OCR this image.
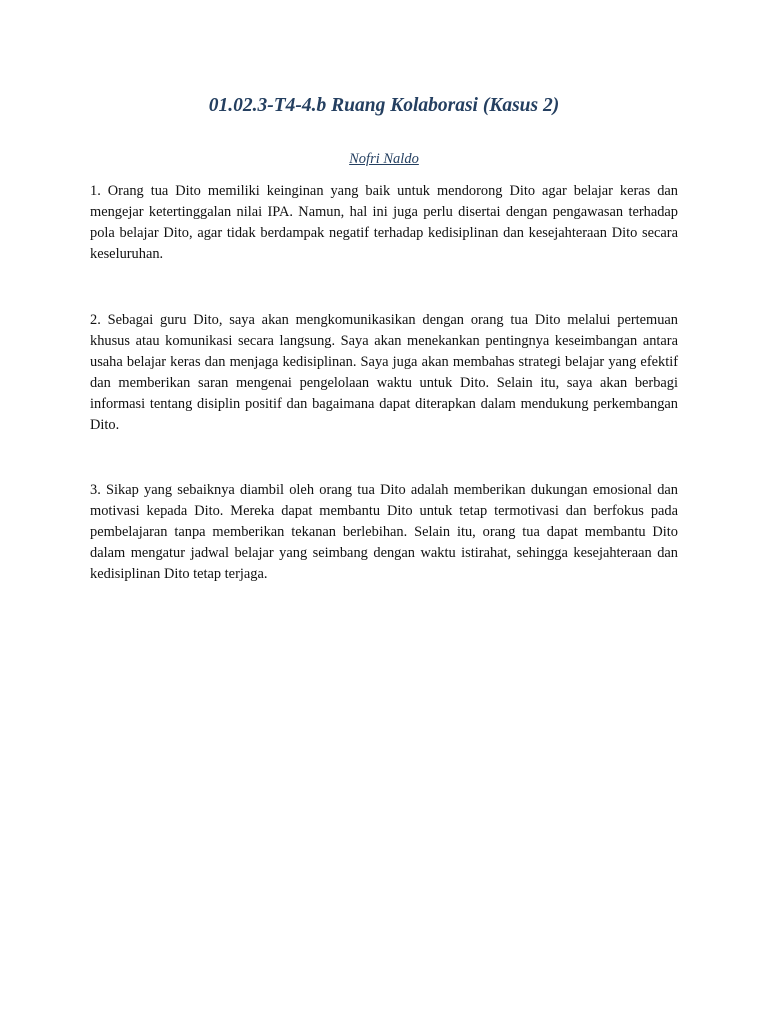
01.02.3-T4-4.b Ruang Kolaborasi (Kasus 2)

Nofri Naldo

1. Orang tua Dito memiliki keinginan yang baik untuk mendorong Dito agar belajar keras dan mengejar ketertinggalan nilai IPA. Namun, hal ini juga perlu disertai dengan pengawasan terhadap pola belajar Dito, agar tidak berdampak negatif terhadap kedisiplinan dan kesejahteraan Dito secara keseluruhan.

2. Sebagai guru Dito, saya akan mengkomunikasikan dengan orang tua Dito melalui pertemuan khusus atau komunikasi secara langsung. Saya akan menekankan pentingnya keseimbangan antara usaha belajar keras dan menjaga kedisiplinan. Saya juga akan membahas strategi belajar yang efektif dan memberikan saran mengenai pengelolaan waktu untuk Dito. Selain itu, saya akan berbagi informasi tentang disiplin positif dan bagaimana dapat diterapkan dalam mendukung perkembangan Dito.

3. Sikap yang sebaiknya diambil oleh orang tua Dito adalah memberikan dukungan emosional dan motivasi kepada Dito. Mereka dapat membantu Dito untuk tetap termotivasi dan berfokus pada pembelajaran tanpa memberikan tekanan berlebihan. Selain itu, orang tua dapat membantu Dito dalam mengatur jadwal belajar yang seimbang dengan waktu istirahat, sehingga kesejahteraan dan kedisiplinan Dito tetap terjaga.
